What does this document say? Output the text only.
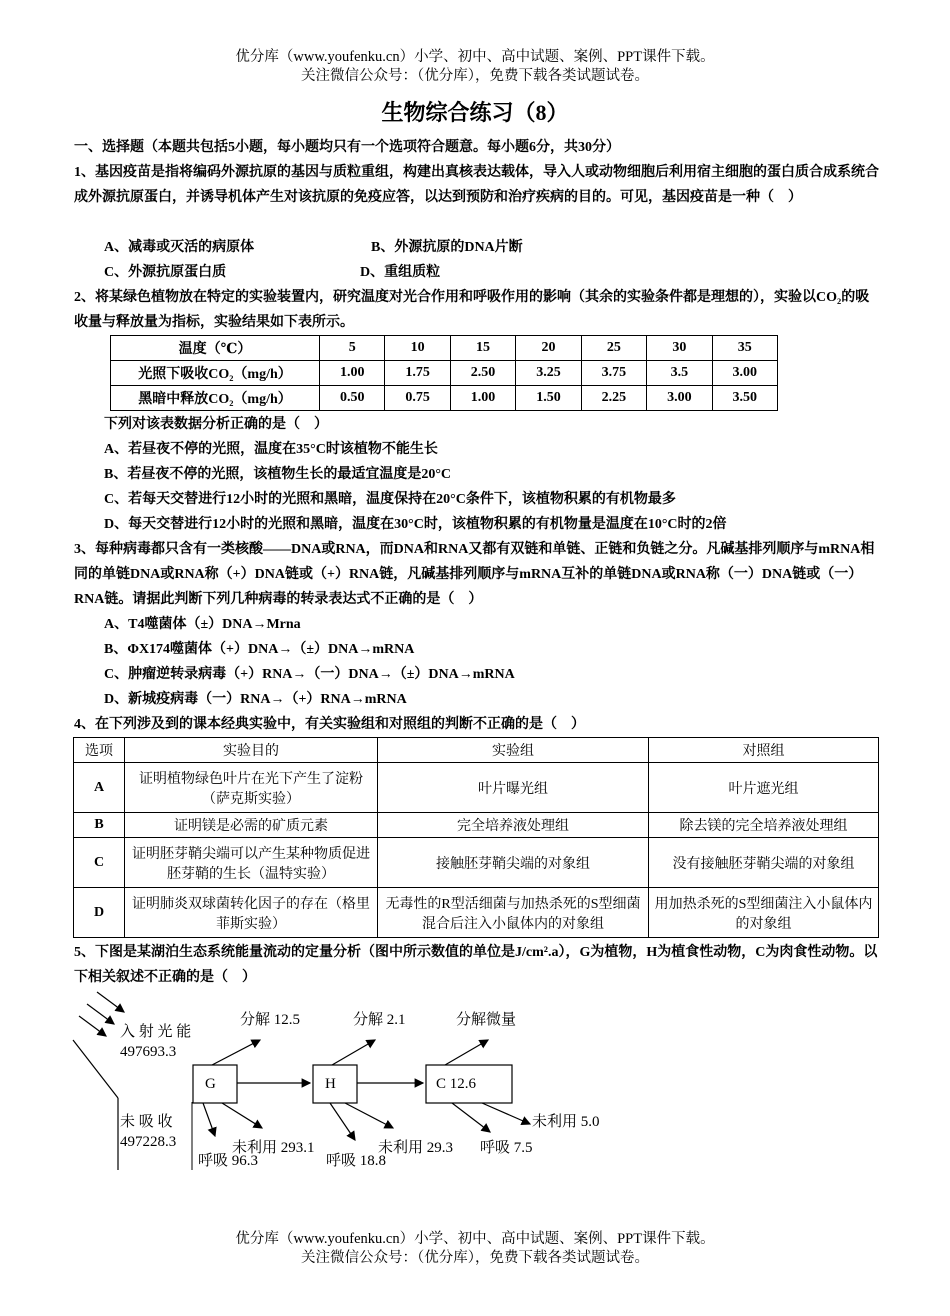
优分库（www.youfenku.cn）小学、初中、高中试题、案例、PPT课件下载。
关注微信公众号：（优分库），免费下载各类试题试卷。
生物综合练习（8）
一、选择题（本题共包括5小题，每小题均只有一个选项符合题意。每小题6分，共30分）
1、基因疫苗是指将编码外源抗原的基因与质粒重组，构建出真核表达载体，导入人或动物细胞后利用宿主细胞的蛋白质合成系统合成外源抗原蛋白，并诱导机体产生对该抗原的免疫应答，以达到预防和治疗疾病的目的。可见，基因疫苗是一种（　）
A、减毒或灭活的病原体	B、外源抗原的DNA片断
C、外源抗原蛋白质	D、重组质粒
2、将某绿色植物放在特定的实验装置内，研究温度对光合作用和呼吸作用的影响（其余的实验条件都是理想的），实验以CO₂的吸收量与释放量为指标，实验结果如下表所示。
温度（℃）	5	10	15	20	25	30	35
光照下吸收CO₂（mg/h）	1.00	1.75	2.50	3.25	3.75	3.5	3.00
黑暗中释放CO₂（mg/h）	0.50	0.75	1.00	1.50	2.25	3.00	3.50
下列对该表数据分析正确的是（　）
A、若昼夜不停的光照，温度在35°C时该植物不能生长
B、若昼夜不停的光照，该植物生长的最适宜温度是20°C
C、若每天交替进行12小时的光照和黑暗，温度保持在20°C条件下，该植物积累的有机物最多
D、每天交替进行12小时的光照和黑暗，温度在30°C时，该植物积累的有机物量是温度在10°C时的2倍
3、每种病毒都只含有一类核酸——DNA或RNA，而DNA和RNA又都有双链和单链、正链和负链之分。凡碱基排列顺序与mRNA相同的单链DNA或RNA称（+）DNA链或（+）RNA链，凡碱基排列顺序与mRNA互补的单链DNA或RNA称（一）DNA链或（一）RNA链。请据此判断下列几种病毒的转录表达式不正确的是（　）
A、T4噬菌体（±）DNA→Mrna
B、ΦX174噬菌体（+）DNA→（±）DNA→mRNA
C、肿瘤逆转录病毒（+）RNA→（一）DNA→（±）DNA→mRNA
D、新城疫病毒（一）RNA→（+）RNA→mRNA
4、在下列涉及到的课本经典实验中，有关实验组和对照组的判断不正确的是（　）
选项	实验目的	实验组	对照组
A	证明植物绿色叶片在光下产生了淀粉（萨克斯实验）	叶片曝光组	叶片遮光组
B	证明镁是必需的矿质元素	完全培养液处理组	除去镁的完全培养液处理组
C	证明胚芽鞘尖端可以产生某种物质促进胚芽鞘的生长（温特实验）	接触胚芽鞘尖端的对象组	没有接触胚芽鞘尖端的对象组
D	证明肺炎双球菌转化因子的存在（格里菲斯实验）	无毒性的R型活细菌与加热杀死的S型细菌混合后注入小鼠体内的对象组	用加热杀死的S型细菌注入小鼠体内的对象组
5、下图是某湖泊生态系统能量流动的定量分析（图中所示数值的单位是J/cm².a），G为植物，H为植食性动物，C为肉食性动物。以下相关叙述不正确的是（　）
入 射 光 能
497693.3
未 吸 收
497228.3
G	H	C 12.6
分解 12.5	分解 2.1	分解微量
呼吸 96.3
未利用 293.1
呼吸 18.8
未利用 29.3 呼吸 7.5
未利用 5.0
优分库（www.youfenku.cn）小学、初中、高中试题、案例、PPT课件下载。
关注微信公众号：（优分库），免费下载各类试题试卷。
